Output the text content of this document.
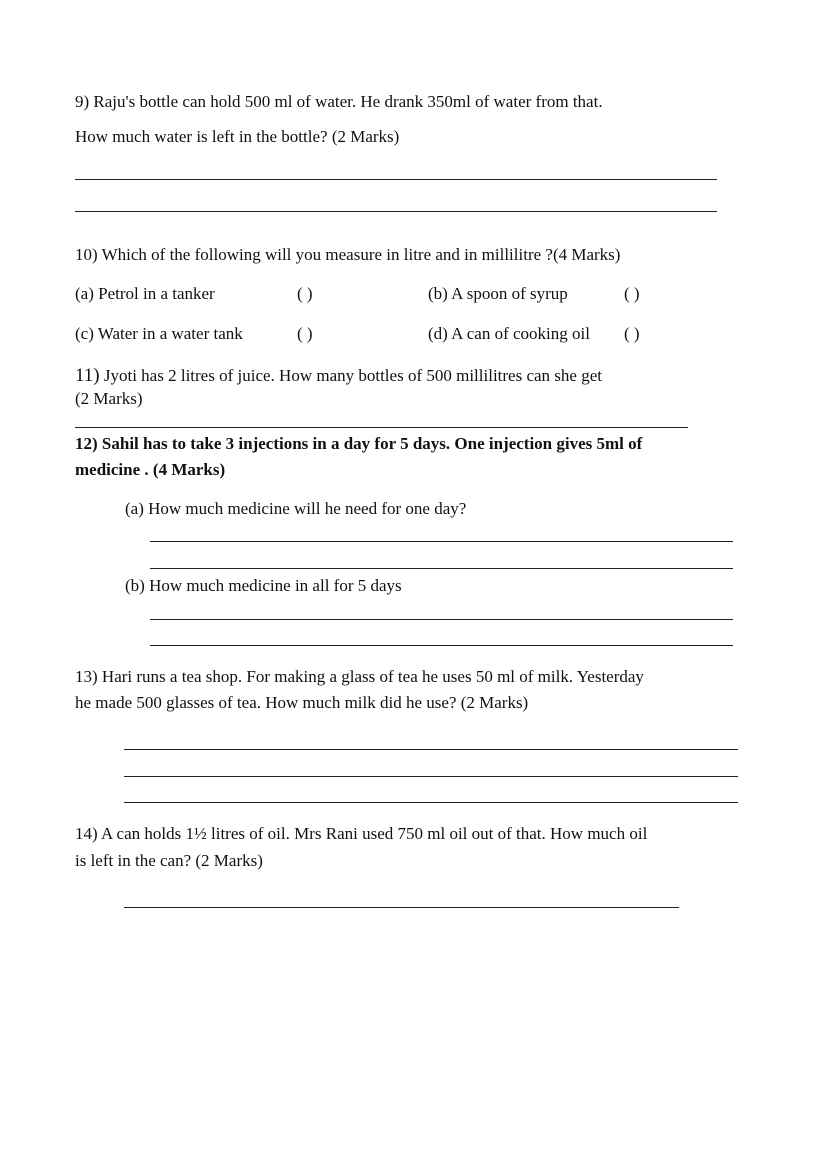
9) Raju's bottle can hold 500 ml of water. He drank 350ml of water from that.
How much water is left in the bottle? (2 Marks)
10) Which of the following will you measure in litre and in millilitre ?(4 Marks)
(a) Petrol in a tanker	( )	(b) A spoon of syrup	( )
(c) Water in a water tank	( )	(d) A can of cooking oil ( )
11) Jyoti has 2 litres of juice. How many bottles of 500 millilitres can she get
(2 Marks)
12) Sahil has to take 3 injections in a day for 5 days. One injection gives 5ml of
medicine . (4 Marks)
(a) How much medicine will he need for one day?
(b) How much medicine in all for 5 days
13) Hari runs a tea shop. For making a glass of tea he uses 50 ml of milk. Yesterday
he made 500 glasses of tea. How much milk did he use? (2 Marks)
14) A can holds 1½ litres of oil. Mrs Rani used 750 ml oil out of that. How much oil
is left in the can? (2 Marks)
